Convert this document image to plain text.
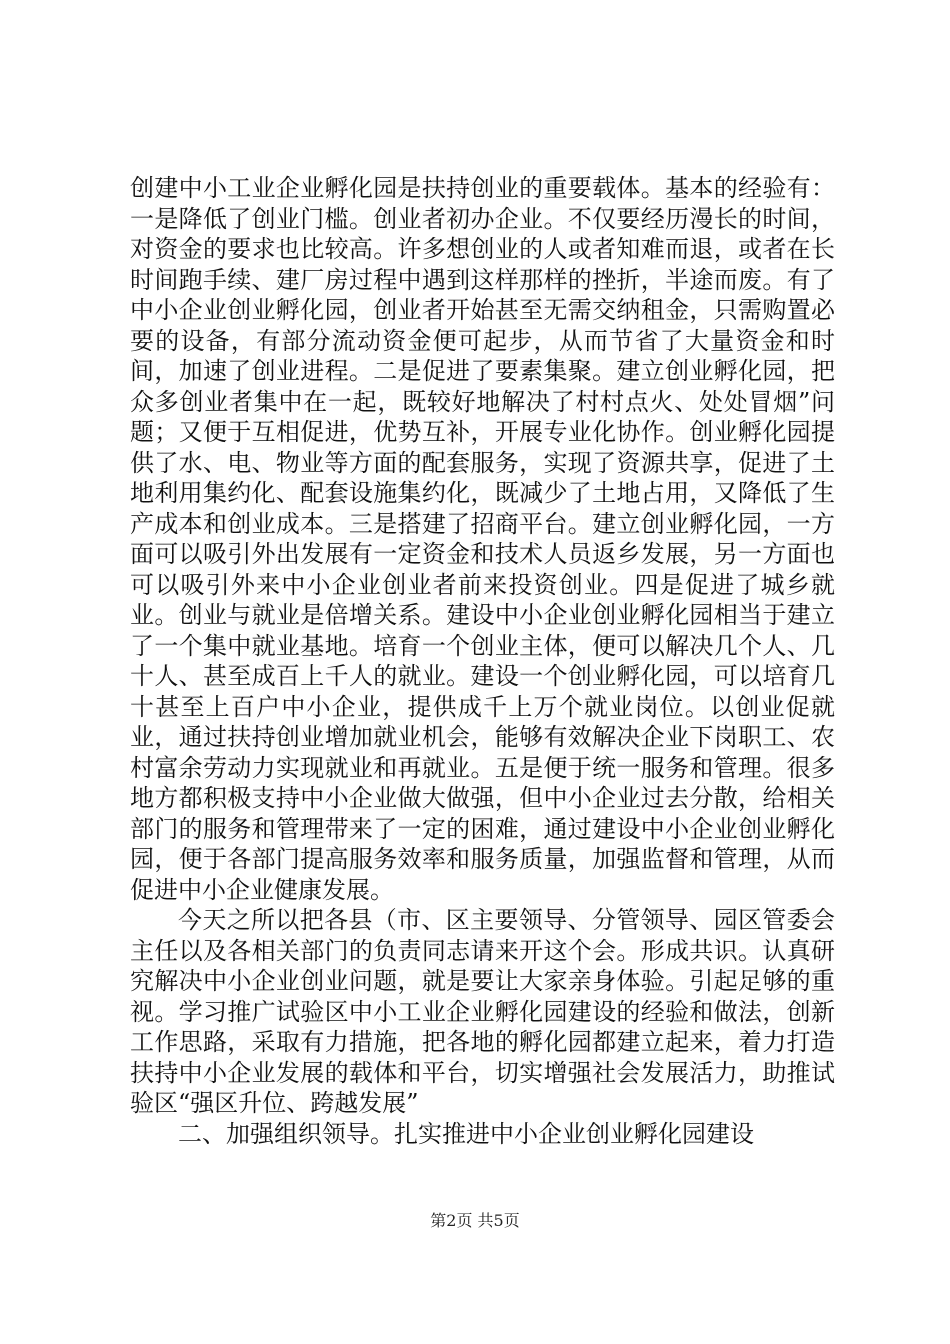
创建中小工业企业孵化园是扶持创业的重要载体。基本的经验有：一是降低了创业门槛。创业者初办企业。不仅要经历漫长的时间，对资金的要求也比较高。许多想创业的人或者知难而退，或者在长时间跑手续、建厂房过程中遇到这样那样的挫折，半途而废。有了中小企业创业孵化园，创业者开始甚至无需交纳租金，只需购置必要的设备，有部分流动资金便可起步，从而节省了大量资金和时间，加速了创业进程。二是促进了要素集聚。建立创业孵化园，把众多创业者集中在一起，既较好地解决了村村点火、处处冒烟”问题；又便于互相促进，优势互补，开展专业化协作。创业孵化园提供了水、电、物业等方面的配套服务，实现了资源共享，促进了土地利用集约化、配套设施集约化，既减少了土地占用，又降低了生产成本和创业成本。三是搭建了招商平台。建立创业孵化园，一方面可以吸引外出发展有一定资金和技术人员返乡发展，另一方面也可以吸引外来中小企业创业者前来投资创业。四是促进了城乡就业。创业与就业是倍增关系。建设中小企业创业孵化园相当于建立了一个集中就业基地。培育一个创业主体，便可以解决几个人、几十人、甚至成百上千人的就业。建设一个创业孵化园，可以培育几十甚至上百户中小企业，提供成千上万个就业岗位。以创业促就业，通过扶持创业增加就业机会，能够有效解决企业下岗职工、农村富余劳动力实现就业和再就业。五是便于统一服务和管理。很多地方都积极支持中小企业做大做强，但中小企业过去分散，给相关部门的服务和管理带来了一定的困难，通过建设中小企业创业孵化园，便于各部门提高服务效率和服务质量，加强监督和管理，从而促进中小企业健康发展。

今天之所以把各县（市、区主要领导、分管领导、园区管委会主任以及各相关部门的负责同志请来开这个会。形成共识。认真研究解决中小企业创业问题，就是要让大家亲身体验。引起足够的重视。学习推广试验区中小工业企业孵化园建设的经验和做法，创新工作思路，采取有力措施，把各地的孵化园都建立起来，着力打造扶持中小企业发展的载体和平台，切实增强社会发展活力，助推试验区“强区升位、跨越发展”

二、加强组织领导。扎实推进中小企业创业孵化园建设

第2页 共5页
